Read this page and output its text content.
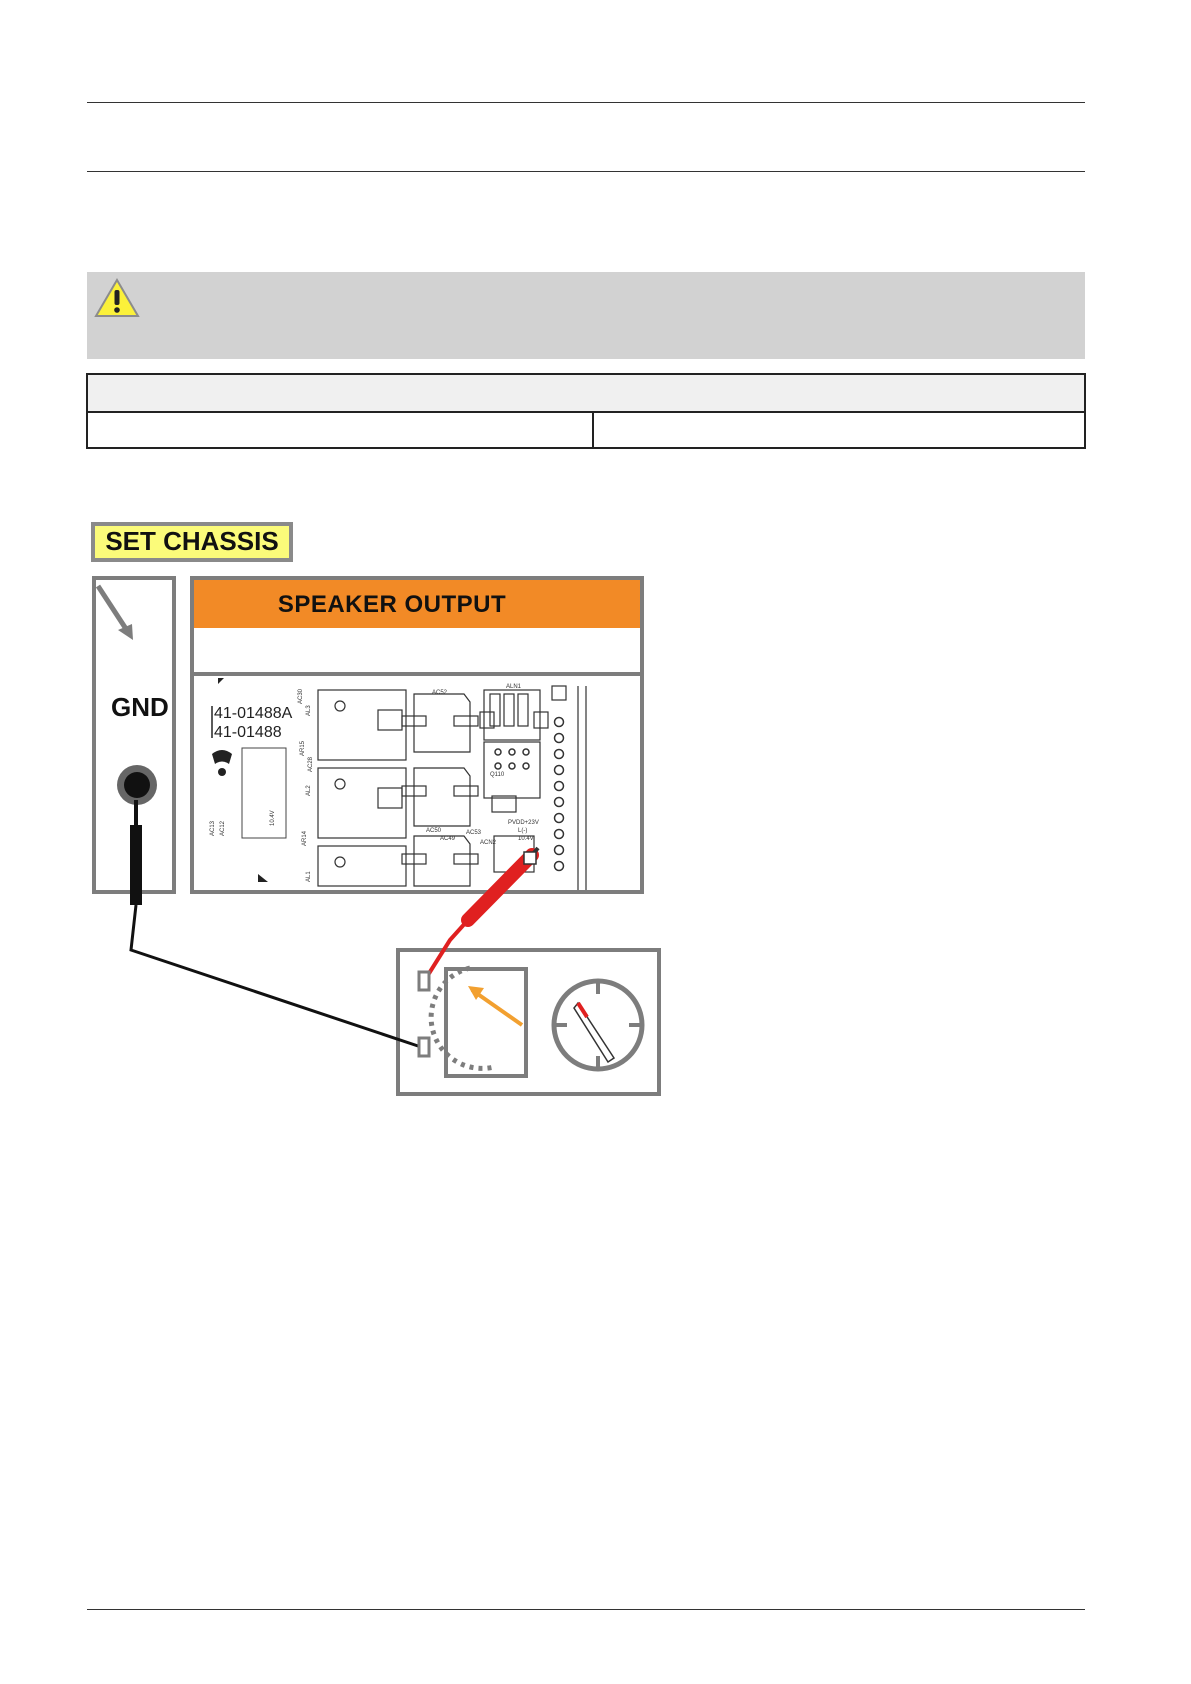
SET CHASSIS
GND
SPEAKER OUTPUT
41-01488A
41-01488
10.4V
AC13 AC12
AC28
AR15
AL3
AL2
AR14
AL1
AC30	AC52
ALN1
AC50
AC49
AC53
ACN2
Q110
PVDD+23V
L(-)
10.4V
